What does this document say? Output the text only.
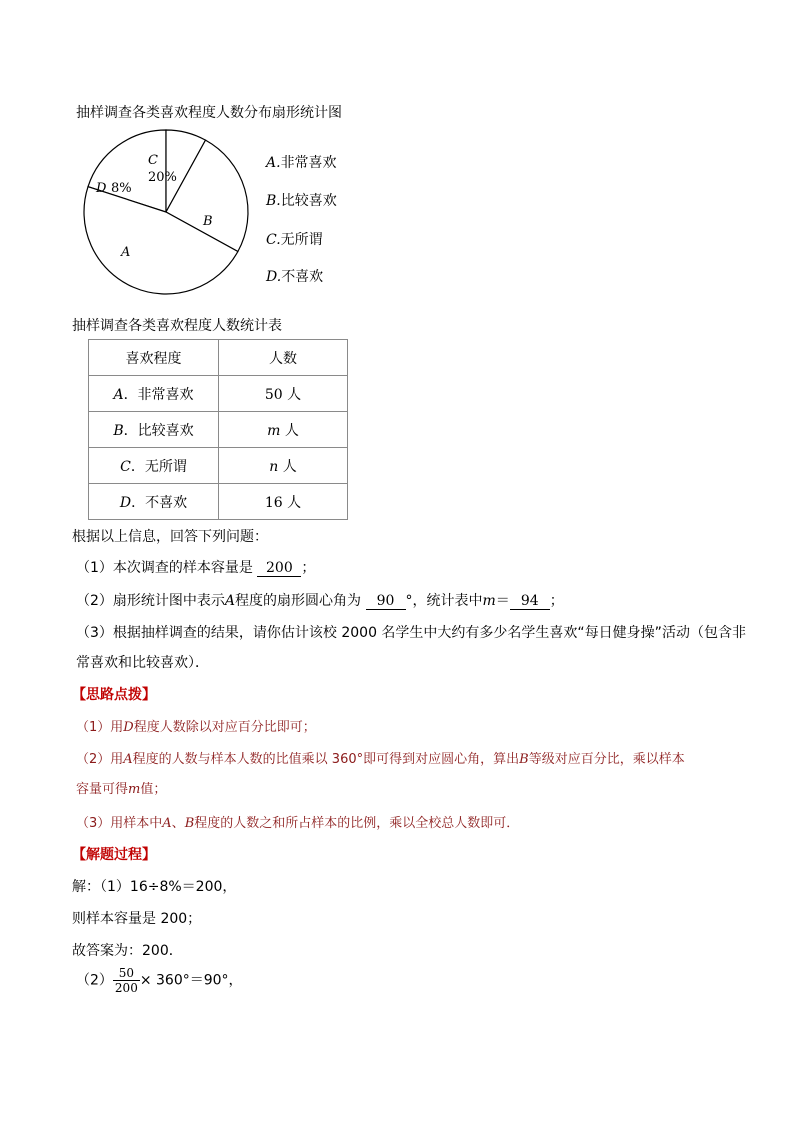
抽样调查各类喜欢程度人数分布扇形统计图
C
20%
D 8%
A
B
A.非常喜欢
B.比较喜欢
C.无所谓
D.不喜欢
抽样调查各类喜欢程度人数统计表
喜欢程度	人数
A．非常喜欢	50 人
B．比较喜欢	m 人
C．无所谓	n 人
D．不喜欢	16 人
根据以上信息，回答下列问题：
（1）本次调查的样本容量是 200 ；
（2）扇形统计图中表示A程度的扇形圆心角为 90 °，统计表中m＝ 94 ；
（3）根据抽样调查的结果，请你估计该校 2000 名学生中大约有多少名学生喜欢“每日健身操”活动（包含非
常喜欢和比较喜欢）．
【思路点拨】
（1）用D程度人数除以对应百分比即可；
（2）用A程度的人数与样本人数的比值乘以 360°即可得到对应圆心角，算出B等级对应百分比，乘以样本
容量可得m值；
（3）用样本中A、B程度的人数之和所占样本的比例，乘以全校总人数即可．
【解题过程】
解：（1）16÷8%＝200，
则样本容量是 200；
故答案为：200．
$(2) \frac{50}{200} \times 360^\circ=90^\circ$，
